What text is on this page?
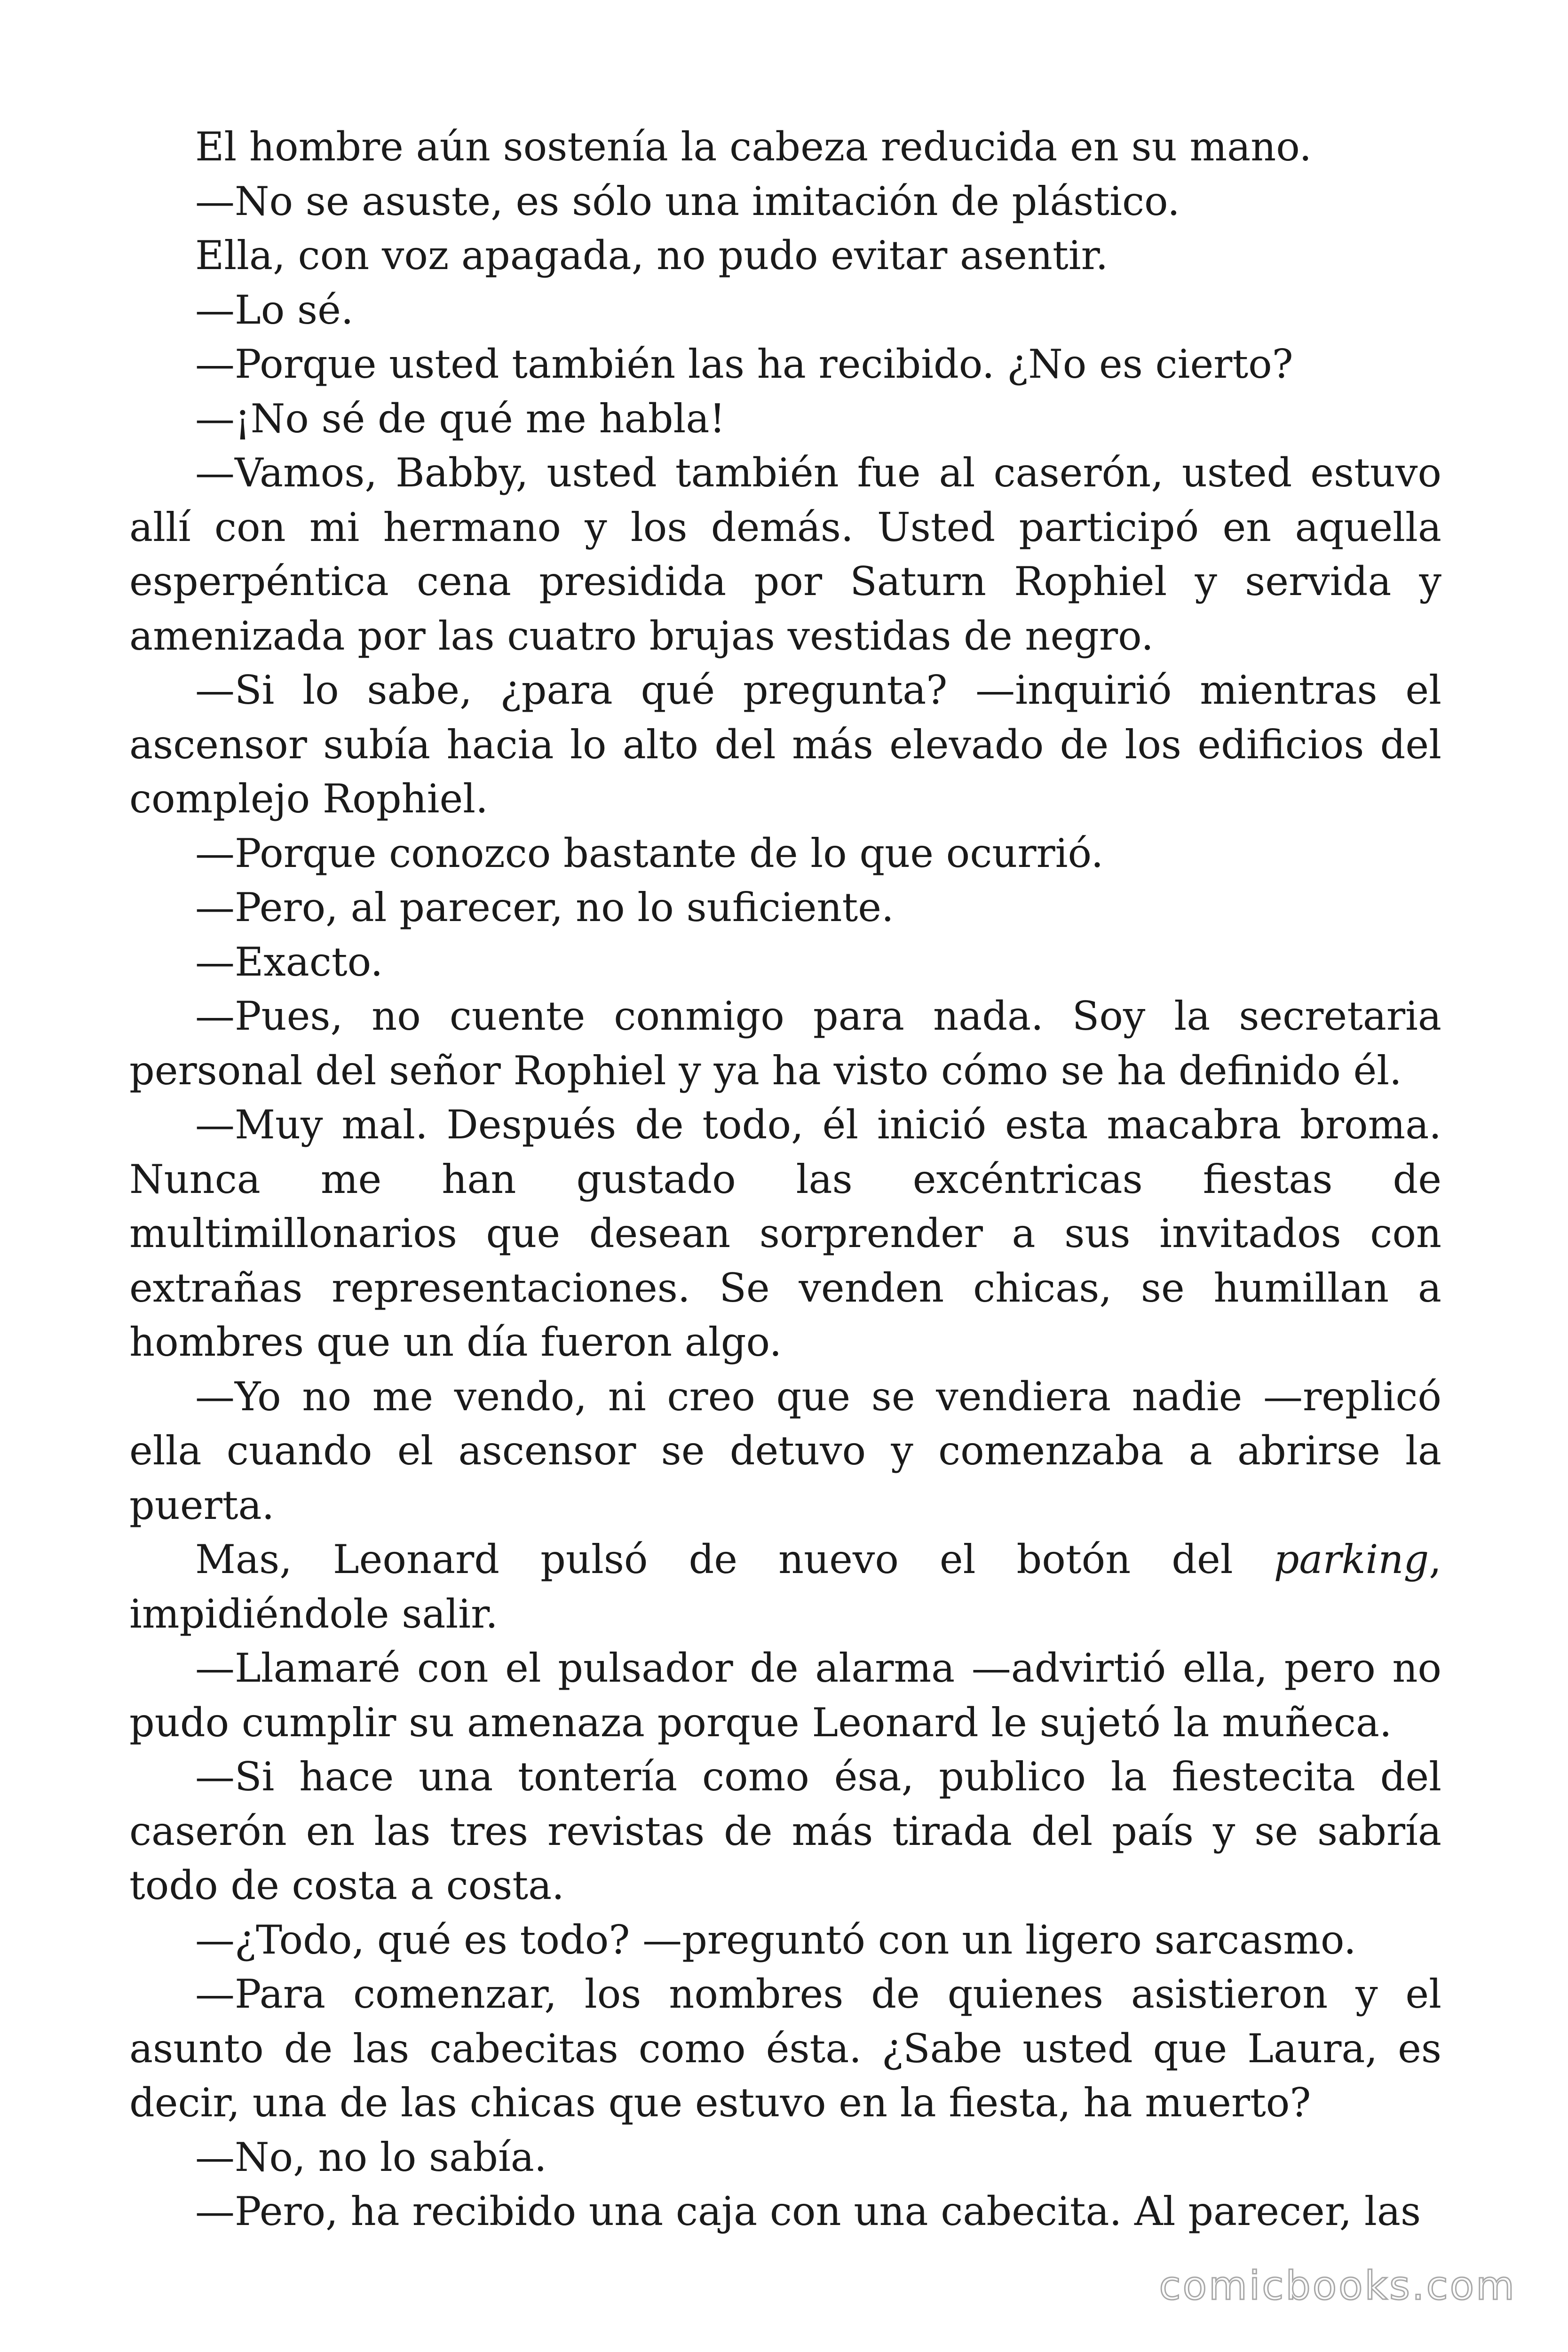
El hombre aún sostenía la cabeza reducida en su mano.

—No se asuste, es sólo una imitación de plástico.

Ella, con voz apagada, no pudo evitar asentir.

—Lo sé.

—Porque usted también las ha recibido. ¿No es cierto?

—¡No sé de qué me habla!

—Vamos, Babby, usted también fue al caserón, usted estuvo allí con mi hermano y los demás. Usted participó en aquella esperpéntica cena presidida por Saturn Rophiel y servida y amenizada por las cuatro brujas vestidas de negro.

—Si lo sabe, ¿para qué pregunta? —inquirió mientras el ascensor subía hacia lo alto del más elevado de los edificios del complejo Rophiel.

—Porque conozco bastante de lo que ocurrió.

—Pero, al parecer, no lo suficiente.

—Exacto.

—Pues, no cuente conmigo para nada. Soy la secretaria personal del señor Rophiel y ya ha visto cómo se ha definido él.

—Muy mal. Después de todo, él inició esta macabra broma. Nunca me han gustado las excéntricas fiestas de multimillonarios que desean sorprender a sus invitados con extrañas representaciones. Se venden chicas, se humillan a hombres que un día fueron algo.

—Yo no me vendo, ni creo que se vendiera nadie —replicó ella cuando el ascensor se detuvo y comenzaba a abrirse la puerta.

Mas, Leonard pulsó de nuevo el botón del parking, impidiéndole salir.

—Llamaré con el pulsador de alarma —advirtió ella, pero no pudo cumplir su amenaza porque Leonard le sujetó la muñeca.

—Si hace una tontería como ésa, publico la fiestecita del caserón en las tres revistas de más tirada del país y se sabría todo de costa a costa.

—¿Todo, qué es todo? —preguntó con un ligero sarcasmo.

—Para comenzar, los nombres de quienes asistieron y el asunto de las cabecitas como ésta. ¿Sabe usted que Laura, es decir, una de las chicas que estuvo en la fiesta, ha muerto?

—No, no lo sabía.

—Pero, ha recibido una caja con una cabecita. Al parecer, las

comicbooks.com
